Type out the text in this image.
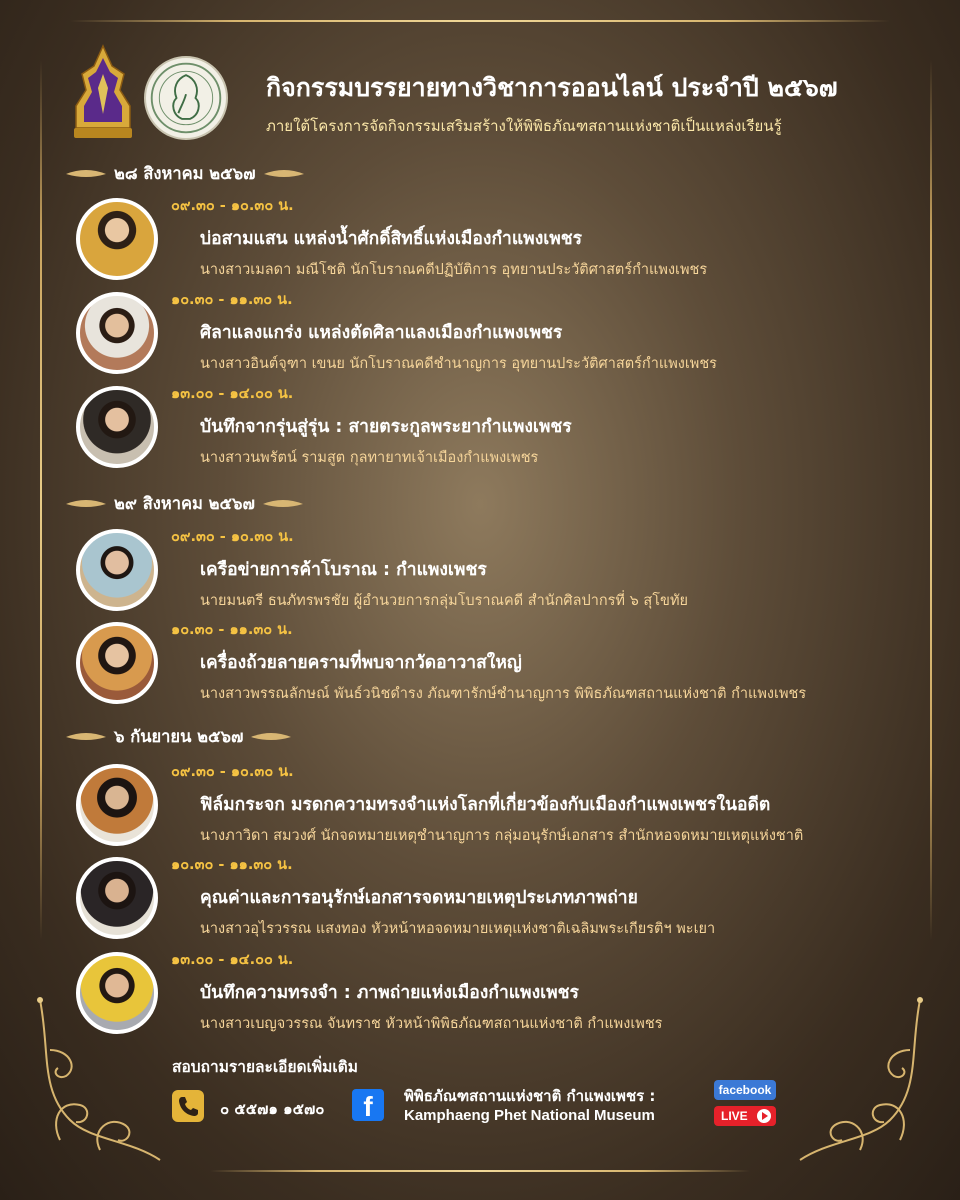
กิจกรรมบรรยายทางวิชาการออนไลน์ ประจำปี ๒๕๖๗
ภายใต้โครงการจัดกิจกรรมเสริมสร้างให้พิพิธภัณฑสถานแห่งชาติเป็นแหล่งเรียนรู้
๒๘ สิงหาคม ๒๕๖๗
๐๙.๓๐ - ๑๐.๓๐ น.
บ่อสามแสน แหล่งน้ำศักดิ์สิทธิ์แห่งเมืองกำแพงเพชร
นางสาวเมลดา มณีโชติ นักโบราณคดีปฏิบัติการ อุทยานประวัติศาสตร์กำแพงเพชร
๑๐.๓๐ - ๑๑.๓๐ น.
ศิลาแลงแกร่ง แหล่งตัดศิลาแลงเมืองกำแพงเพชร
นางสาวอินต์จุฑา เขนย นักโบราณคดีชำนาญการ อุทยานประวัติศาสตร์กำแพงเพชร
๑๓.๐๐ - ๑๔.๐๐ น.
บันทึกจากรุ่นสู่รุ่น : สายตระกูลพระยากำแพงเพชร
นางสาวนพรัตน์ รามสูต กุลทายาทเจ้าเมืองกำแพงเพชร
๒๙ สิงหาคม ๒๕๖๗
๐๙.๓๐ - ๑๐.๓๐ น.
เครือข่ายการค้าโบราณ : กำแพงเพชร
นายมนตรี ธนภัทรพรชัย ผู้อำนวยการกลุ่มโบราณคดี สำนักศิลปากรที่ ๖ สุโขทัย
๑๐.๓๐ - ๑๑.๓๐ น.
เครื่องถ้วยลายครามที่พบจากวัดอาวาสใหญ่
นางสาวพรรณลักษณ์ พันธ์วนิชดำรง ภัณฑารักษ์ชำนาญการ พิพิธภัณฑสถานแห่งชาติ กำแพงเพชร
๖ กันยายน ๒๕๖๗
๐๙.๓๐ - ๑๐.๓๐ น.
ฟิล์มกระจก มรดกความทรงจำแห่งโลกที่เกี่ยวข้องกับเมืองกำแพงเพชรในอดีต
นางภาวิดา สมวงศ์ นักจดหมายเหตุชำนาญการ กลุ่มอนุรักษ์เอกสาร สำนักหอจดหมายเหตุแห่งชาติ
๑๐.๓๐ - ๑๑.๓๐ น.
คุณค่าและการอนุรักษ์เอกสารจดหมายเหตุประเภทภาพถ่าย
นางสาวอุไรวรรณ แสงทอง หัวหน้าหอจดหมายเหตุแห่งชาติเฉลิมพระเกียรติฯ พะเยา
๑๓.๐๐ - ๑๔.๐๐ น.
บันทึกความทรงจำ : ภาพถ่ายแห่งเมืองกำแพงเพชร
นางสาวเบญจวรรณ จันทราช หัวหน้าพิพิธภัณฑสถานแห่งชาติ กำแพงเพชร
สอบถามรายละเอียดเพิ่มเติม
๐ ๕๕๗๑ ๑๕๗๐	f	พิพิธภัณฑสถานแห่งชาติ กำแพงเพชร :
Kamphaeng Phet National Museum
facebook
LIVE
